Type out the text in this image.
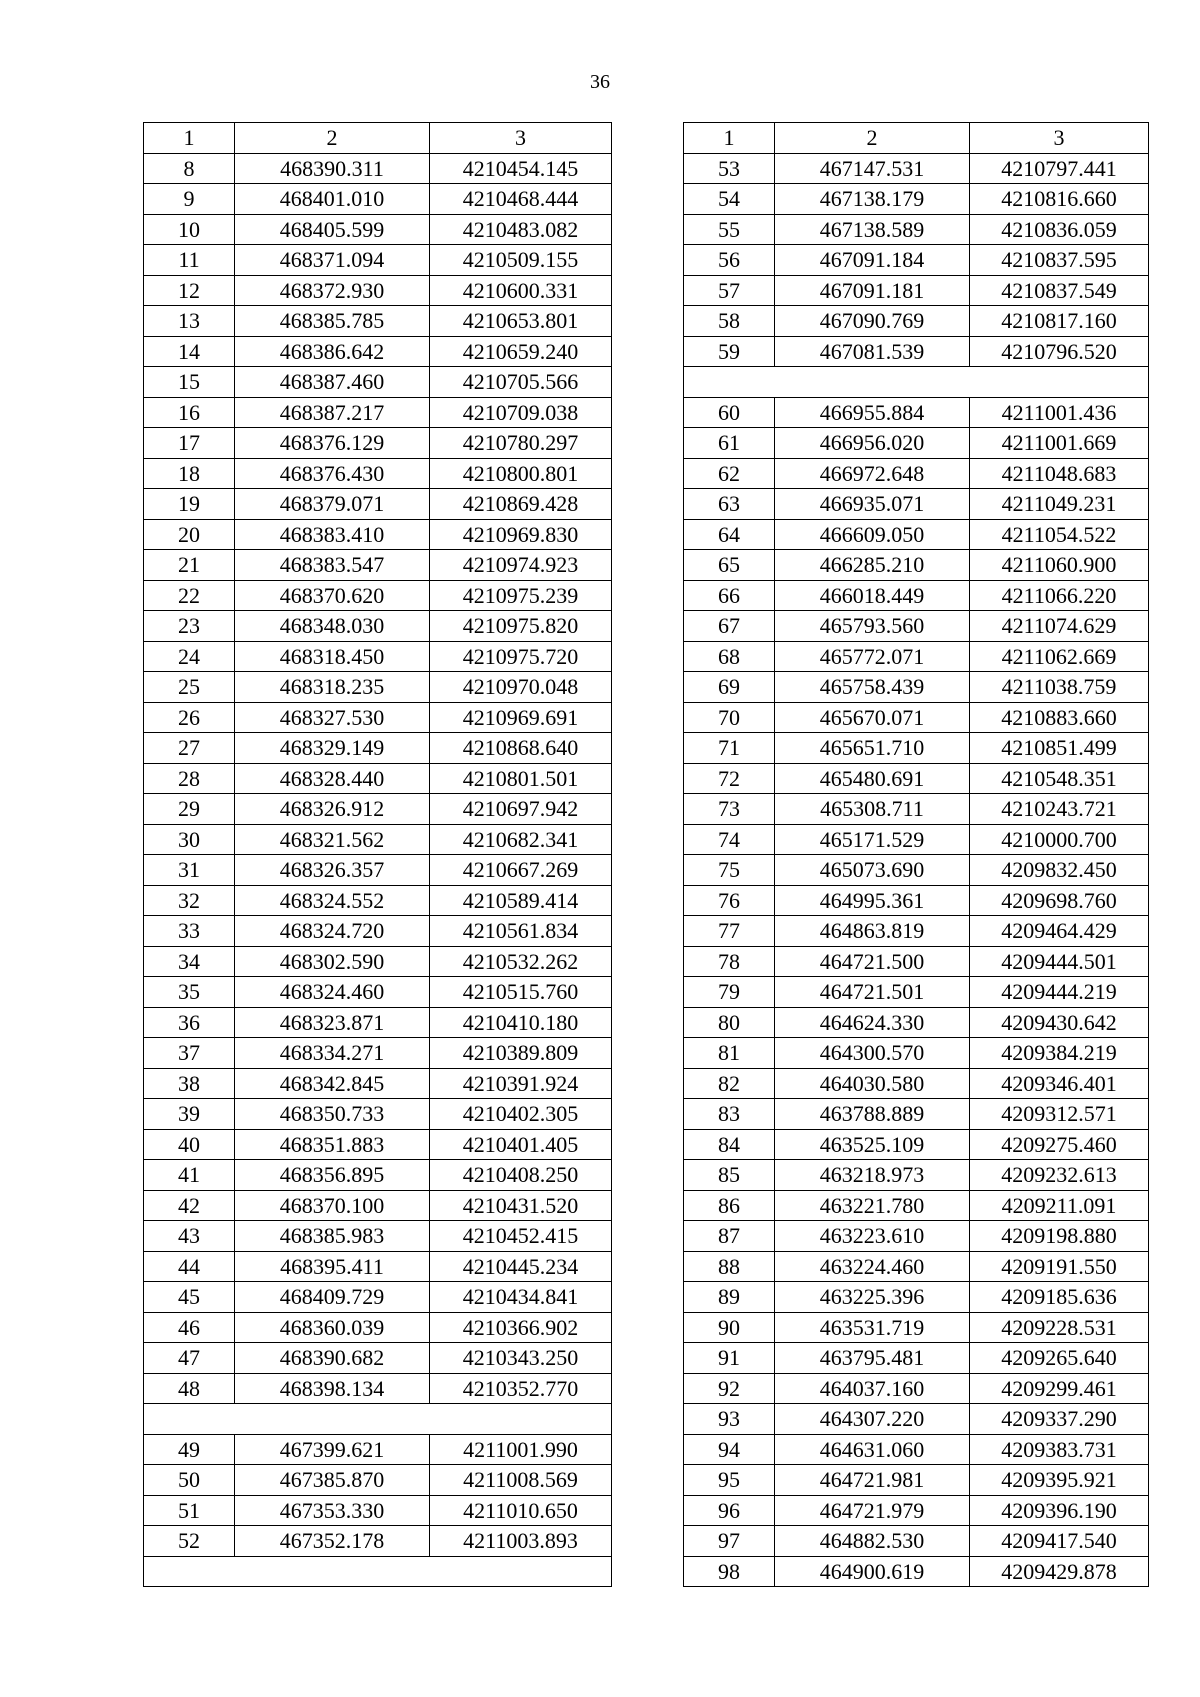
36
1	2	3
8	468390.311	4210454.145
9	468401.010	4210468.444
10	468405.599	4210483.082
11	468371.094	4210509.155
12	468372.930	4210600.331
13	468385.785	4210653.801
14	468386.642	4210659.240
15	468387.460	4210705.566
16	468387.217	4210709.038
17	468376.129	4210780.297
18	468376.430	4210800.801
19	468379.071	4210869.428
20	468383.410	4210969.830
21	468383.547	4210974.923
22	468370.620	4210975.239
23	468348.030	4210975.820
24	468318.450	4210975.720
25	468318.235	4210970.048
26	468327.530	4210969.691
27	468329.149	4210868.640
28	468328.440	4210801.501
29	468326.912	4210697.942
30	468321.562	4210682.341
31	468326.357	4210667.269
32	468324.552	4210589.414
33	468324.720	4210561.834
34	468302.590	4210532.262
35	468324.460	4210515.760
36	468323.871	4210410.180
37	468334.271	4210389.809
38	468342.845	4210391.924
39	468350.733	4210402.305
40	468351.883	4210401.405
41	468356.895	4210408.250
42	468370.100	4210431.520
43	468385.983	4210452.415
44	468395.411	4210445.234
45	468409.729	4210434.841
46	468360.039	4210366.902
47	468390.682	4210343.250
48	468398.134	4210352.770

49	467399.621	4211001.990
50	467385.870	4211008.569
51	467353.330	4211010.650
52	467352.178	4211003.893

1	2	3
53	467147.531	4210797.441
54	467138.179	4210816.660
55	467138.589	4210836.059
56	467091.184	4210837.595
57	467091.181	4210837.549
58	467090.769	4210817.160
59	467081.539	4210796.520

60	466955.884	4211001.436
61	466956.020	4211001.669
62	466972.648	4211048.683
63	466935.071	4211049.231
64	466609.050	4211054.522
65	466285.210	4211060.900
66	466018.449	4211066.220
67	465793.560	4211074.629
68	465772.071	4211062.669
69	465758.439	4211038.759
70	465670.071	4210883.660
71	465651.710	4210851.499
72	465480.691	4210548.351
73	465308.711	4210243.721
74	465171.529	4210000.700
75	465073.690	4209832.450
76	464995.361	4209698.760
77	464863.819	4209464.429
78	464721.500	4209444.501
79	464721.501	4209444.219
80	464624.330	4209430.642
81	464300.570	4209384.219
82	464030.580	4209346.401
83	463788.889	4209312.571
84	463525.109	4209275.460
85	463218.973	4209232.613
86	463221.780	4209211.091
87	463223.610	4209198.880
88	463224.460	4209191.550
89	463225.396	4209185.636
90	463531.719	4209228.531
91	463795.481	4209265.640
92	464037.160	4209299.461
93	464307.220	4209337.290
94	464631.060	4209383.731
95	464721.981	4209395.921
96	464721.979	4209396.190
97	464882.530	4209417.540
98	464900.619	4209429.878
